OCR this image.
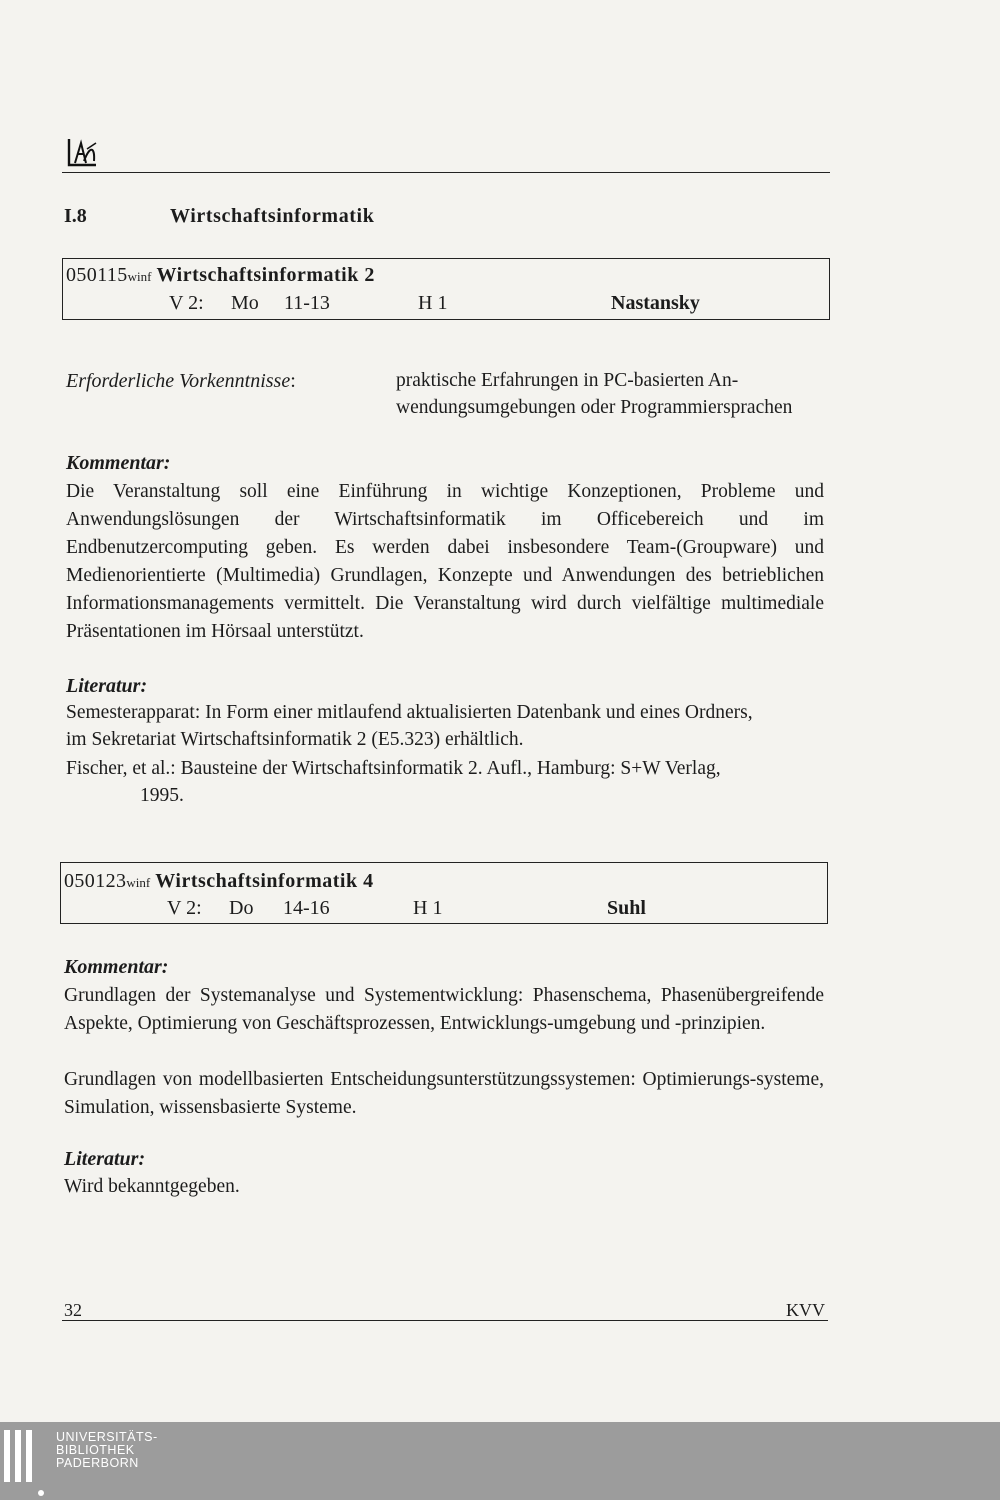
I.8	Wirtschaftsinformatik
050115winf Wirtschaftsinformatik 2
V 2: Mo 11-13	H 1	Nastansky
Erforderliche Vorkenntnisse:	praktische Erfahrungen in PC-basierten An-
wendungsumgebungen oder Programmiersprachen
Kommentar:
Die Veranstaltung soll eine Einführung in wichtige Konzeptionen, Probleme und Anwendungslösungen der Wirtschaftsinformatik im Officebereich und im Endbenutzercomputing geben. Es werden dabei insbesondere Team-(Groupware) und Medienorientierte (Multimedia) Grundlagen, Konzepte und Anwendungen des betrieblichen Informationsmanagements vermittelt. Die Veranstaltung wird durch vielfältige multimediale Präsentationen im Hörsaal unterstützt.
Literatur:
Semesterapparat: In Form einer mitlaufend aktualisierten Datenbank und eines Ordners,
im Sekretariat Wirtschaftsinformatik 2 (E5.323) erhältlich.
Fischer, et al.: Bausteine der Wirtschaftsinformatik 2. Aufl., Hamburg: S+W Verlag,
1995.
050123winf Wirtschaftsinformatik 4
V 2: Do 14-16	H 1	Suhl
Kommentar:
Grundlagen der Systemanalyse und Systementwicklung: Phasenschema, Phasenübergreifende Aspekte, Optimierung von Geschäftsprozessen, Entwicklungs-umgebung und -prinzipien.
Grundlagen von modellbasierten Entscheidungsunterstützungssystemen: Optimierungs-systeme, Simulation, wissensbasierte Systeme.
Literatur:
Wird bekanntgegeben.
32	KVV
UNIVERSITÄTS-
BIBLIOTHEK
PADERBORN
